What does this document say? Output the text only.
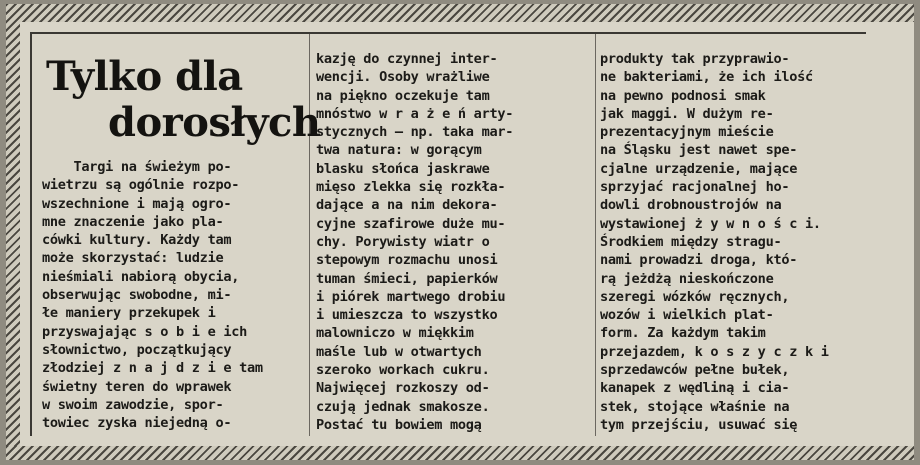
Tylko dla
dorosłych
Targi na świeżym po-
wietrzu są ogólnie rozpo-
wszechnione i mają ogro-
mne znaczenie jako pla-
cówki kultury. Każdy tam
może skorzystać: ludzie
nieśmiali nabiorą obycia,
obserwując swobodne, mi-
łe maniery przekupek i
przyswajając s o b i e ich
słownictwo, początkujący
złodziej z n a j d z i e tam
świetny teren do wprawek
w swoim zawodzie, spor-
towiec zyska niejedną o-
kazję do czynnej inter-
wencji. Osoby wrażliwe
na piękno oczekuje tam
mnóstwo w r a ż e ń arty-
stycznych — np. taka mar-
twa natura: w gorącym
blasku słońca jaskrawe
mięso zlekka się rozkła-
dające a na nim dekora-
cyjne szafirowe duże mu-
chy. Porywisty wiatr o
stepowym rozmachu unosi
tuman śmieci, papierków
i piórek martwego drobiu
i umieszcza to wszystko
malowniczo w miękkim
maśle lub w otwartych
szeroko workach cukru.
Najwięcej rozkoszy od-
czują jednak smakosze.
Postać tu bowiem mogą
produkty tak przyprawio-
ne bakteriami, że ich ilość
na pewno podnosi smak
jak maggi. W dużym re-
prezentacyjnym mieście
na Śląsku jest nawet spe-
cjalne urządzenie, mające
sprzyjać racjonalnej ho-
dowli drobnoustrojów na
wystawionej ż y w n o ś c i.
Środkiem między stragu-
nami prowadzi droga, któ-
rą jeżdżą nieskończone
szeregi wózków ręcznych,
wozów i wielkich plat-
form. Za każdym takim
przejazdem, k o s z y c z k i
sprzedawców pełne bułek,
kanapek z wędliną i cia-
stek, stojące właśnie na
tym przejściu, usuwać się
